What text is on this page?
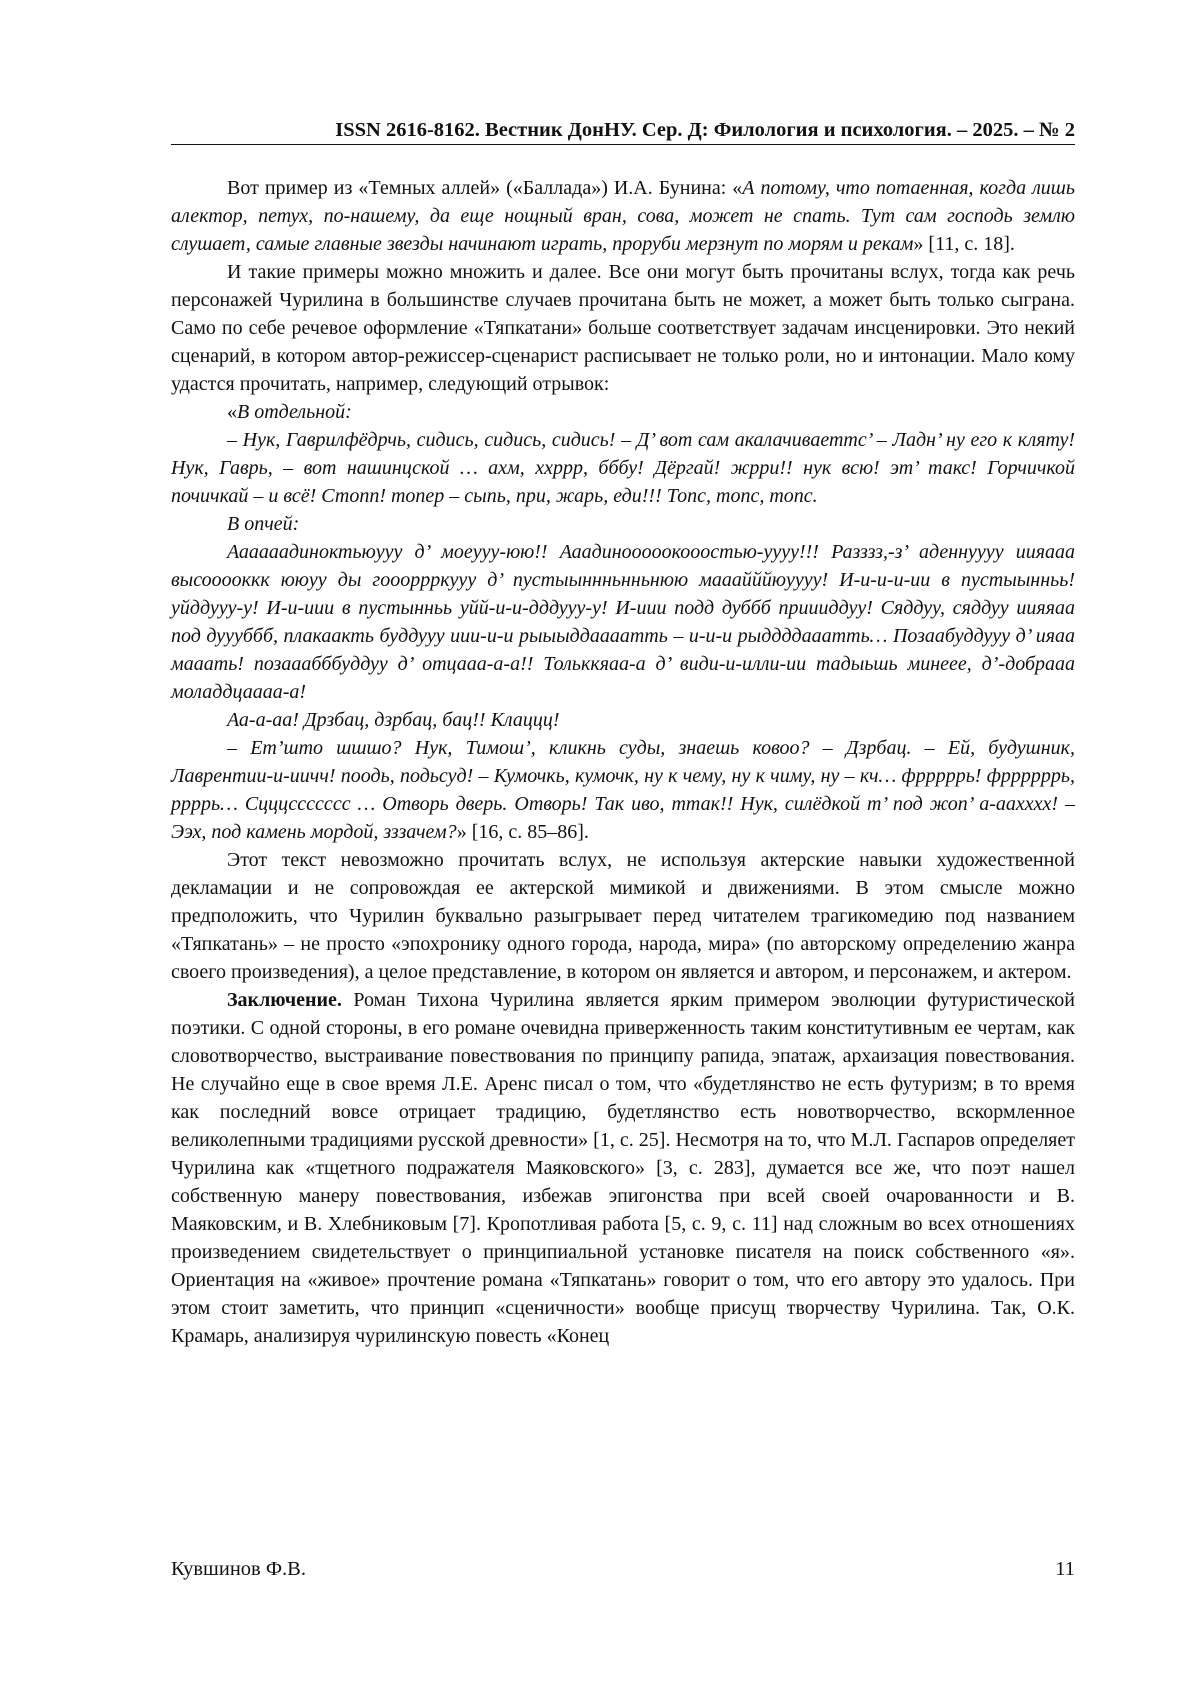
ISSN 2616-8162. Вестник ДонНУ. Сер. Д: Филология и психология. – 2025. – № 2

Вот пример из «Темных аллей» («Баллада») И.А. Бунина: «А потому, что потаенная, когда лишь алектор, петух, по-нашему, да еще нощный вран, сова, может не спать. Тут сам господь землю слушает, самые главные звезды начинают играть, проруби мерзнут по морям и рекам» [11, с. 18].

И такие примеры можно множить и далее. Все они могут быть прочитаны вслух, тогда как речь персонажей Чурилина в большинстве случаев прочитана быть не может, а может быть только сыграна. Само по себе речевое оформление «Тяпкатани» больше соответствует задачам инсценировки. Это некий сценарий, в котором автор-режиссер-сценарист расписывает не только роли, но и интонации. Мало кому удастся прочитать, например, следующий отрывок:

«В отдельной:

– Нук, Гаврилфёдрчь, сидись, сидись, сидись! – Д’ вот сам акалачиваеттс’ – Ладн’ ну его к кляту! Нук, Гаврь, – вот нашинцской … ахм, ххррр, бббу! Дёргай! жрри!! нук всю! эт’ такс! Горчичкой почичкай – и всё! Стопп! топер – сыпь, при, жарь, еди!!! Топс, топс, топс.

В опчей:

Аааааадиноктьюууу д’ моеууу-юю!! Ааадинооооокооостью-уууу!!! Разззз,-з’ аденнуууу иияааа высооооккк ююуу ды гоооррркууу д’ пустыыннньнньнюю мааайййюуууу! И-и-и-и-ии в пустыынньь! уйддууу-у! И-и-иии в пустынньь уйй-и-и-дддууу-у! И-иии подд дуббб приииддуу! Сяддуу, сяддуу иияяаа под дуууббб, плакаакть буддууу иии-и-и рыыыддаааатть – и-и-и рыддддааатть… Позаабуддууу д’ ияаа мааать! позааабббуддуу д’ отцааа-а-а!! Тольккяаа-а д’ види-и-илли-ии тадыьшь минеее, д’-добрааа моладдцаааа-а!

Аа-а-аа! Дрзбац, дзрбац, бац!! Клаццц!

– Ет’што шшшо? Нук, Тимош’, кликнь суды, знаешь ковоо? – Дзрбац. – Ей, будушник, Лаврентии-и-иичч! поодь, подьсуд! – Кумочкь, кумочк, ну к чему, ну к чиму, ну – кч… фрррррь! фррррррь, ррррь… Сцццссссссс … Отворь дверь. Отворь! Так иво, ттак!! Нук, силёдкой т’ под жоп’ а-аахххх! – Ээх, под камень мордой, зззачем?» [16, с. 85–86].

Этот текст невозможно прочитать вслух, не используя актерские навыки художественной декламации и не сопровождая ее актерской мимикой и движениями. В этом смысле можно предположить, что Чурилин буквально разыгрывает перед читателем трагикомедию под названием «Тяпкатань» – не просто «эпохронику одного города, народа, мира» (по авторскому определению жанра своего произведения), а целое представление, в котором он является и автором, и персонажем, и актером.

Заключение. Роман Тихона Чурилина является ярким примером эволюции футуристической поэтики. С одной стороны, в его романе очевидна приверженность таким конститутивным ее чертам, как словотворчество, выстраивание повествования по принципу рапида, эпатаж, архаизация повествования. Не случайно еще в свое время Л.Е. Аренс писал о том, что «будетлянство не есть футуризм; в то время как последний вовсе отрицает традицию, будетлянство есть новотворчество, вскормленное великолепными традициями русской древности» [1, с. 25]. Несмотря на то, что М.Л. Гаспаров определяет Чурилина как «тщетного подражателя Маяковского» [3, с. 283], думается все же, что поэт нашел собственную манеру повествования, избежав эпигонства при всей своей очарованности и В. Маяковским, и В. Хлебниковым [7]. Кропотливая работа [5, с. 9, с. 11] над сложным во всех отношениях произведением свидетельствует о принципиальной установке писателя на поиск собственного «я». Ориентация на «живое» прочтение романа «Тяпкатань» говорит о том, что его автору это удалось. При этом стоит заметить, что принцип «сценичности» вообще присущ творчеству Чурилина. Так, О.К. Крамарь, анализируя чурилинскую повесть «Конец

Кувшинов Ф.В.	11
